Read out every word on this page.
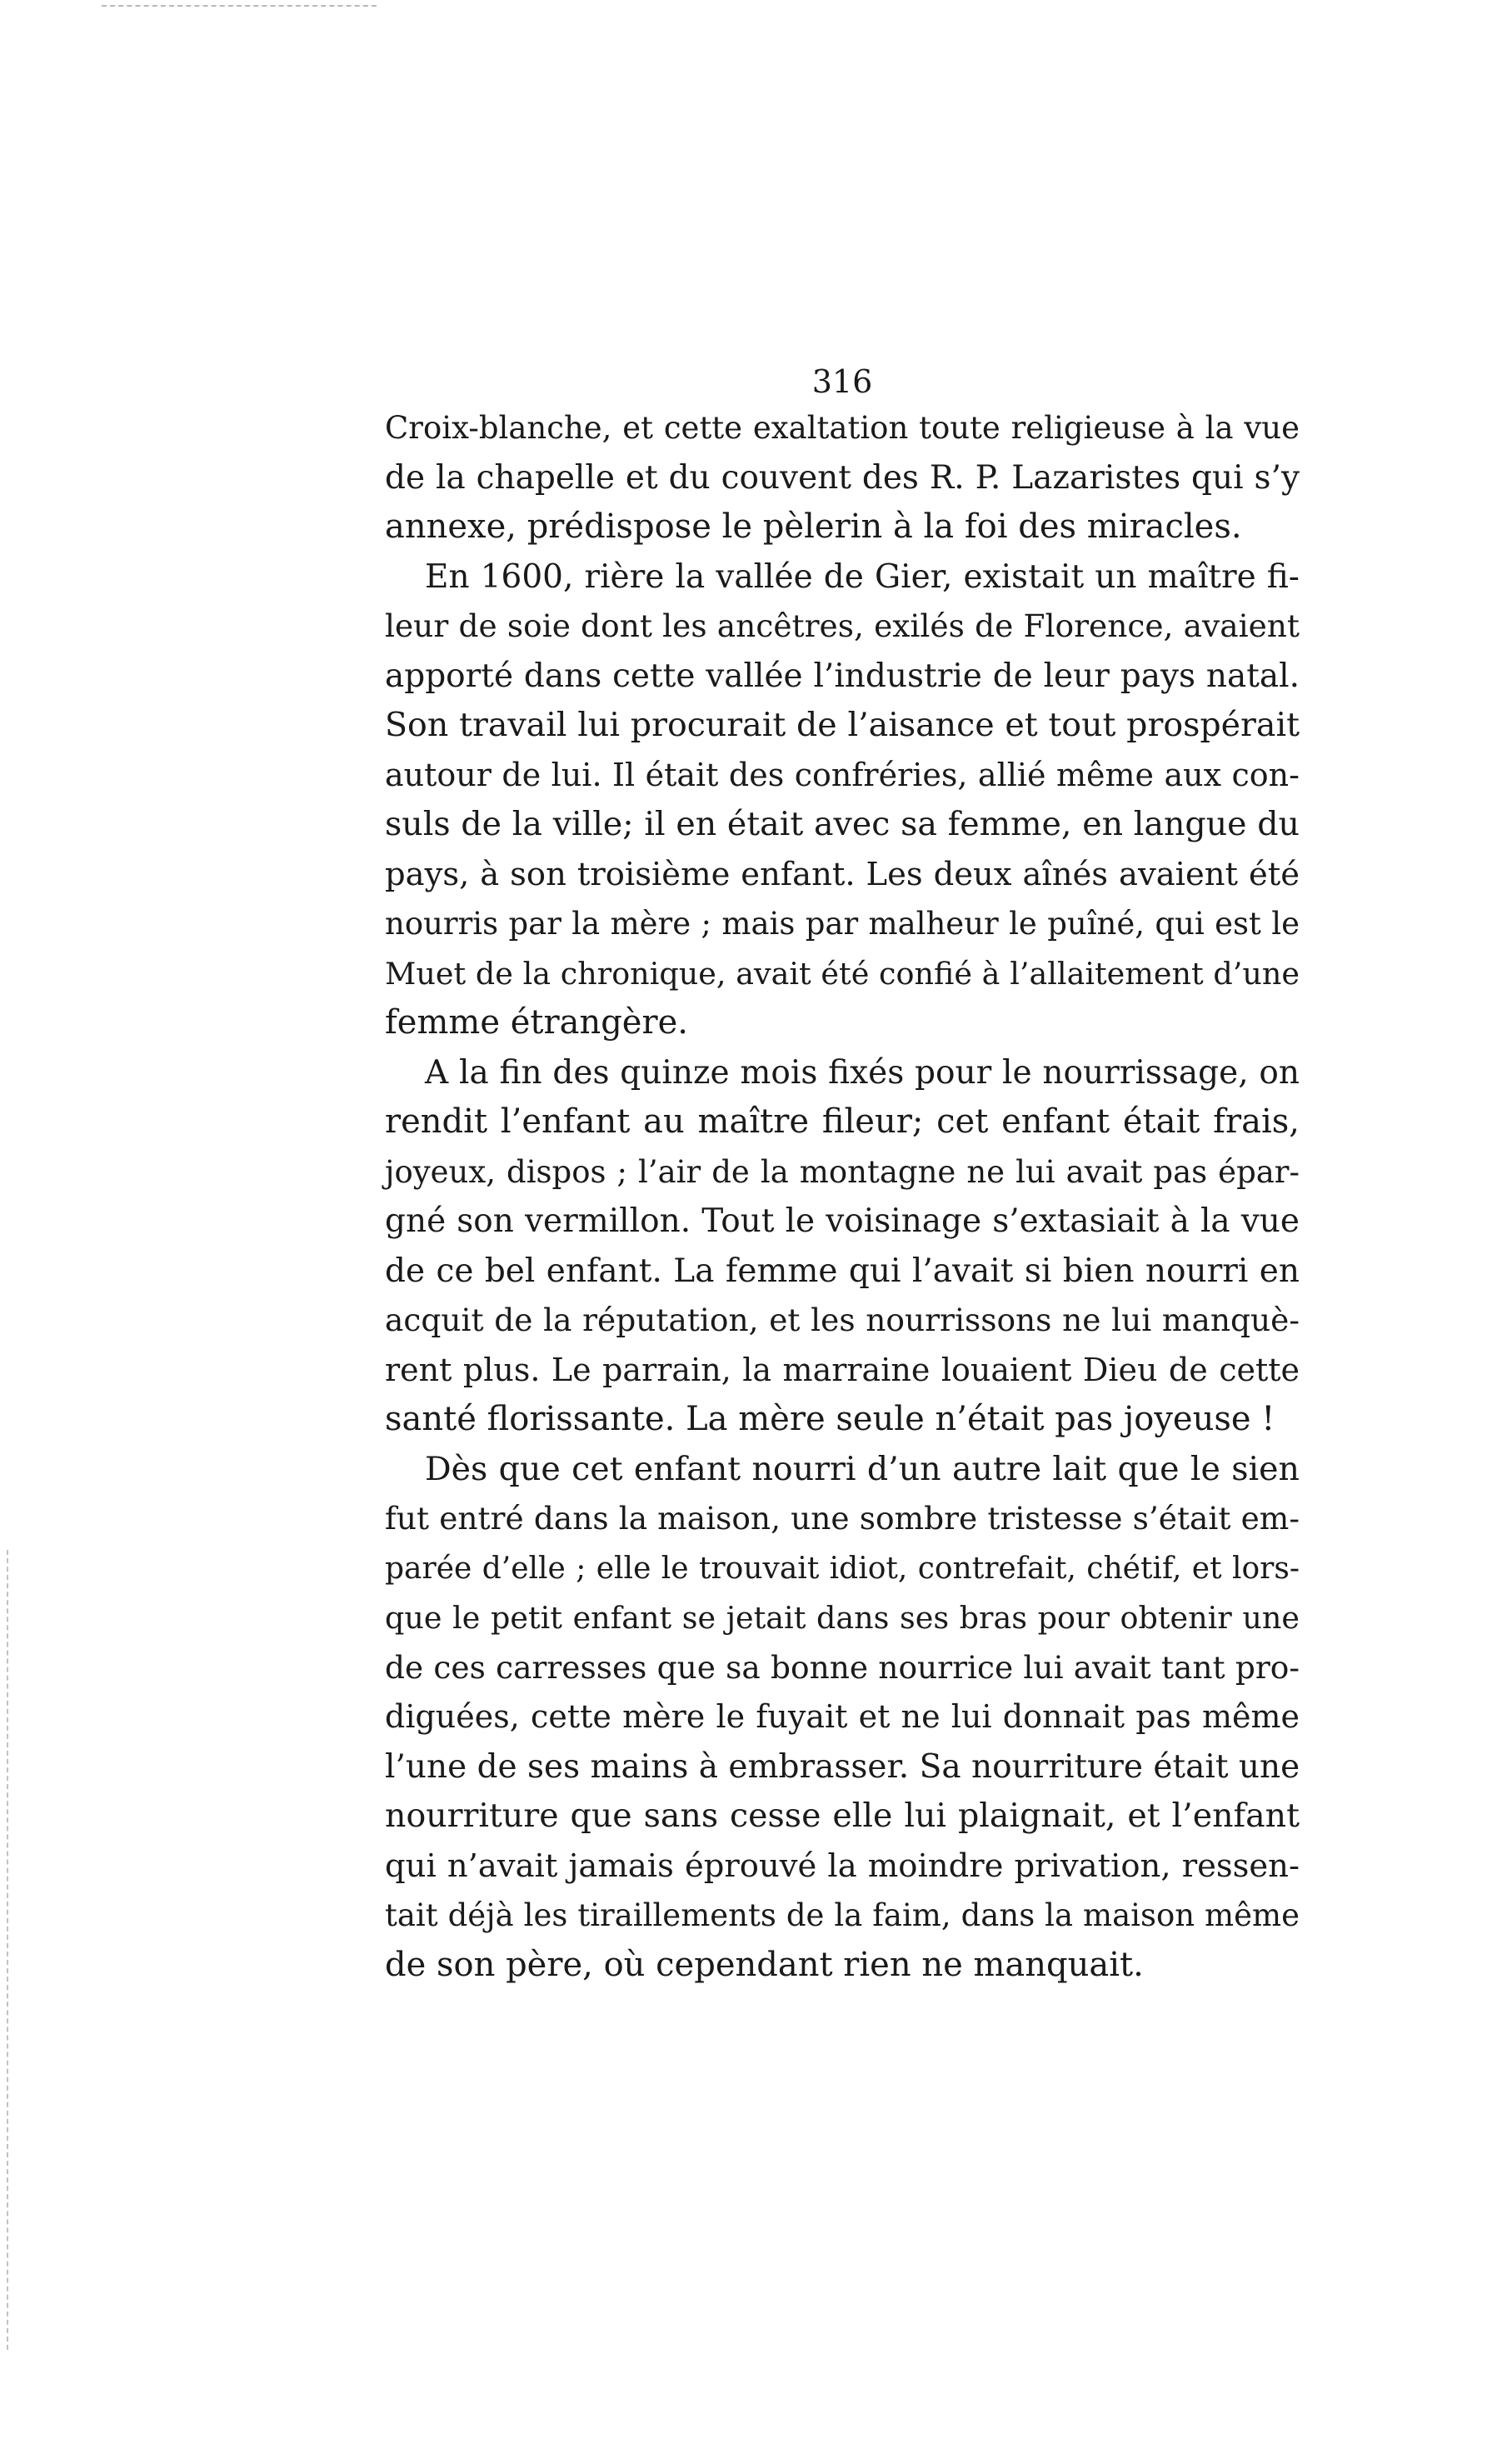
316
Croix-blanche, et cette exaltation toute religieuse à la vue
de la chapelle et du couvent des R. P. Lazaristes qui s’y
annexe, prédispose le pèlerin à la foi des miracles.
En 1600, rière la vallée de Gier, existait un maître fi-
leur de soie dont les ancêtres, exilés de Florence, avaient
apporté dans cette vallée l’industrie de leur pays natal.
Son travail lui procurait de l’aisance et tout prospérait
autour de lui. Il était des confréries, allié même aux con-
suls de la ville; il en était avec sa femme, en langue du
pays, à son troisième enfant. Les deux aînés avaient été
nourris par la mère ; mais par malheur le puîné, qui est le
Muet de la chronique, avait été confié à l’allaitement d’une
femme étrangère.
A la fin des quinze mois fixés pour le nourrissage, on
rendit l’enfant au maître fileur; cet enfant était frais,
joyeux, dispos ; l’air de la montagne ne lui avait pas épar-
gné son vermillon. Tout le voisinage s’extasiait à la vue
de ce bel enfant. La femme qui l’avait si bien nourri en
acquit de la réputation, et les nourrissons ne lui manquè-
rent plus. Le parrain, la marraine louaient Dieu de cette
santé florissante. La mère seule n’était pas joyeuse !
Dès que cet enfant nourri d’un autre lait que le sien
fut entré dans la maison, une sombre tristesse s’était em-
parée d’elle ; elle le trouvait idiot, contrefait, chétif, et lors-
que le petit enfant se jetait dans ses bras pour obtenir une
de ces carresses que sa bonne nourrice lui avait tant pro-
diguées, cette mère le fuyait et ne lui donnait pas même
l’une de ses mains à embrasser. Sa nourriture était une
nourriture que sans cesse elle lui plaignait, et l’enfant
qui n’avait jamais éprouvé la moindre privation, ressen-
tait déjà les tiraillements de la faim, dans la maison même
de son père, où cependant rien ne manquait.
